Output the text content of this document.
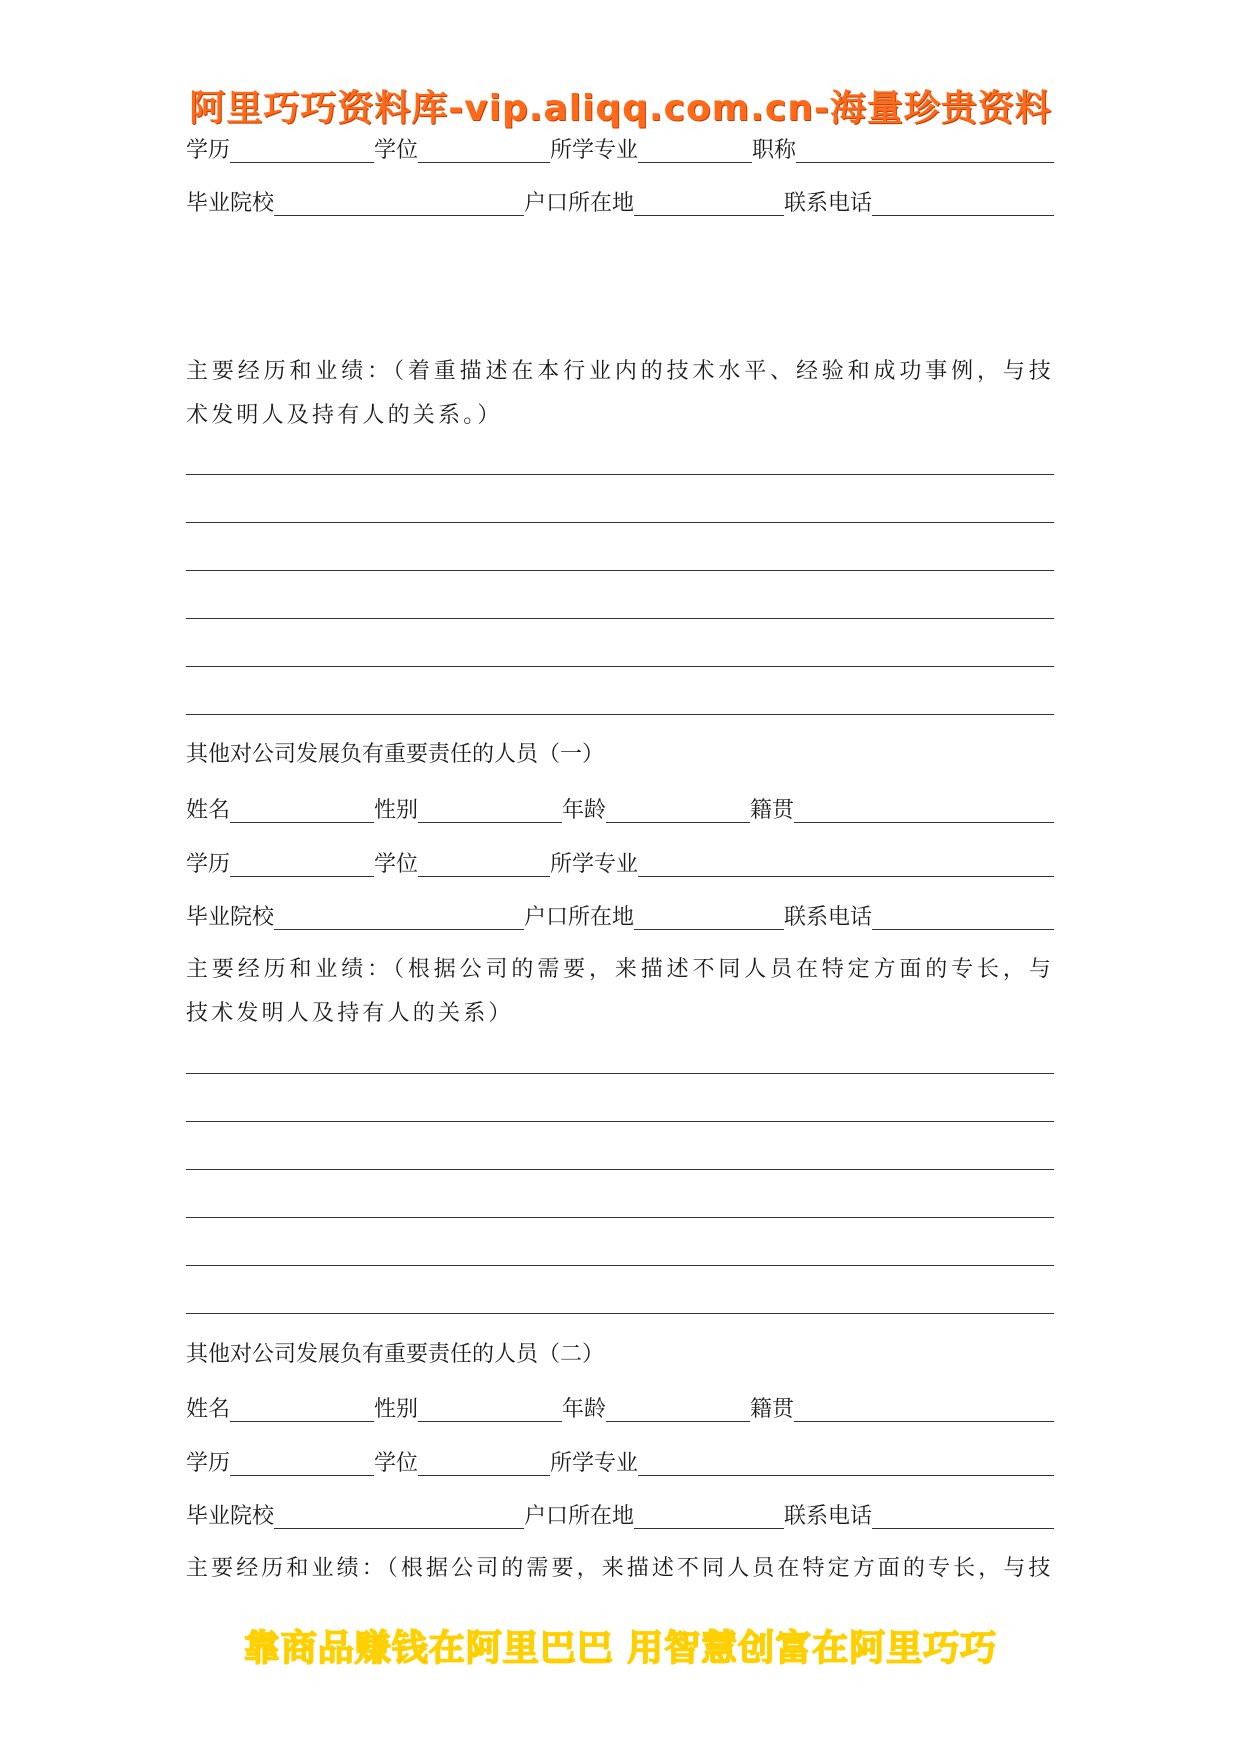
阿里巧巧资料库-vip.aliqq.com.cn-海量珍贵资料
学历	学位	所学专业	职称
毕业院校	户口所在地	联系电话
主要经历和业绩：（着重描述在本行业内的技术水平、经验和成功事例，与技术发明人及持有人的关系。）
其他对公司发展负有重要责任的人员（一）
姓名	性别	年龄	籍贯
学历	学位	所学专业
毕业院校	户口所在地	联系电话
主要经历和业绩：（根据公司的需要，来描述不同人员在特定方面的专长，与技术发明人及持有人的关系）
其他对公司发展负有重要责任的人员（二）
姓名	性别	年龄	籍贯
学历	学位	所学专业
毕业院校	户口所在地	联系电话
主要经历和业绩：（根据公司的需要，来描述不同人员在特定方面的专长，与技
靠商品赚钱在阿里巴巴 用智慧创富在阿里巧巧
